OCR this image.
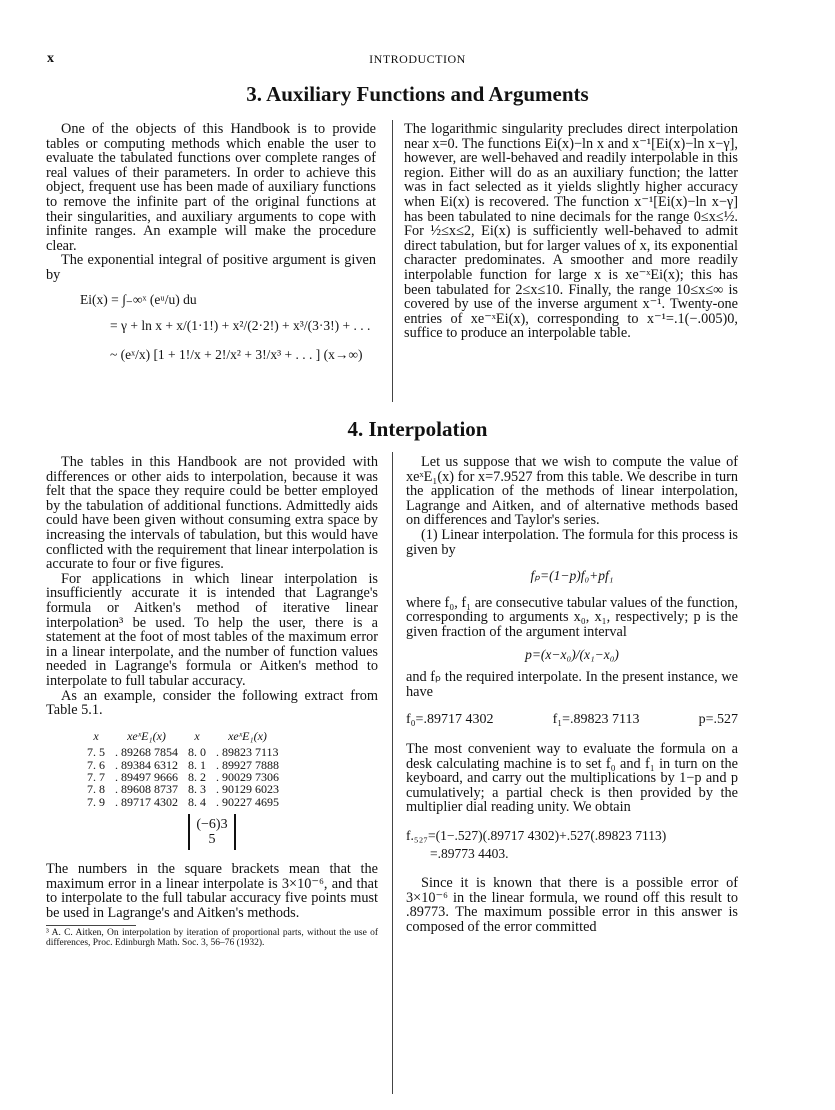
x	INTRODUCTION
3. Auxiliary Functions and Arguments

One of the objects of this Handbook is to provide tables or computing methods which enable the user to evaluate the tabulated functions over complete ranges of real values of their parameters. In order to achieve this object, frequent use has been made of auxiliary functions to remove the infinite part of the original functions at their singularities, and auxiliary arguments to cope with infinite ranges. An example will make the procedure clear.

The exponential integral of positive argument is given by

Ei(x) = ∫₋∞ˣ (eᵘ/u) du
= γ + ln x + x/(1·1!) + x²/(2·2!) + x³/(3·3!) + . . .
~ (eˣ/x) [1 + 1!/x + 2!/x² + 3!/x³ + . . . ] (x→∞)

The logarithmic singularity precludes direct interpolation near x=0. The functions Ei(x)−ln x and x⁻¹[Ei(x)−ln x−γ], however, are well-behaved and readily interpolable in this region. Either will do as an auxiliary function; the latter was in fact selected as it yields slightly higher accuracy when Ei(x) is recovered. The function x⁻¹[Ei(x)−ln x−γ] has been tabulated to nine decimals for the range 0≤x≤½. For ½≤x≤2, Ei(x) is sufficiently well-behaved to admit direct tabulation, but for larger values of x, its exponential character predominates. A smoother and more readily interpolable function for large x is xe⁻ˣEi(x); this has been tabulated for 2≤x≤10. Finally, the range 10≤x≤∞ is covered by use of the inverse argument x⁻¹. Twenty-one entries of xe⁻ˣEi(x), corresponding to x⁻¹=.1(−.005)0, suffice to produce an interpolable table.

4. Interpolation

The tables in this Handbook are not provided with differences or other aids to interpolation, because it was felt that the space they require could be better employed by the tabulation of additional functions. Admittedly aids could have been given without consuming extra space by increasing the intervals of tabulation, but this would have conflicted with the requirement that linear interpolation is accurate to four or five figures.

For applications in which linear interpolation is insufficiently accurate it is intended that Lagrange's formula or Aitken's method of iterative linear interpolation³ be used. To help the user, there is a statement at the foot of most tables of the maximum error in a linear interpolate, and the number of function values needed in Lagrange's formula or Aitken's method to interpolate to full tabular accuracy.

As an example, consider the following extract from Table 5.1.

x	xeˣE₁(x)	x	xeˣE₁(x)
7. 5	. 89268 7854	8. 0	. 89823 7113
7. 6	. 89384 6312	8. 1	. 89927 7888
7. 7	. 89497 9666	8. 2	. 90029 7306
7. 8	. 89608 8737	8. 3	. 90129 6023
7. 9	. 89717 4302	8. 4	. 90227 4695
(−6)3
5

The numbers in the square brackets mean that the maximum error in a linear interpolate is 3×10⁻⁶, and that to interpolate to the full tabular accuracy five points must be used in Lagrange's and Aitken's methods.

³ A. C. Aitken, On interpolation by iteration of proportional parts, without the use of differences, Proc. Edinburgh Math. Soc. 3, 56–76 (1932).

Let us suppose that we wish to compute the value of xeˣE₁(x) for x=7.9527 from this table. We describe in turn the application of the methods of linear interpolation, Lagrange and Aitken, and of alternative methods based on differences and Taylor's series.

(1) Linear interpolation. The formula for this process is given by

fₚ=(1−p)f₀+pf₁

where f₀, f₁ are consecutive tabular values of the function, corresponding to arguments x₀, x₁, respectively; p is the given fraction of the argument interval

p=(x−x₀)/(x₁−x₀)

and fₚ the required interpolate. In the present instance, we have

f₀=.89717 4302	f₁=.89823 7113	p=.527

The most convenient way to evaluate the formula on a desk calculating machine is to set f₀ and f₁ in turn on the keyboard, and carry out the multiplications by 1−p and p cumulatively; a partial check is then provided by the multiplier dial reading unity. We obtain

f.₅₂₇=(1−.527)(.89717 4302)+.527(.89823 7113)
=.89773 4403.

Since it is known that there is a possible error of 3×10⁻⁶ in the linear formula, we round off this result to .89773. The maximum possible error in this answer is composed of the error committed
